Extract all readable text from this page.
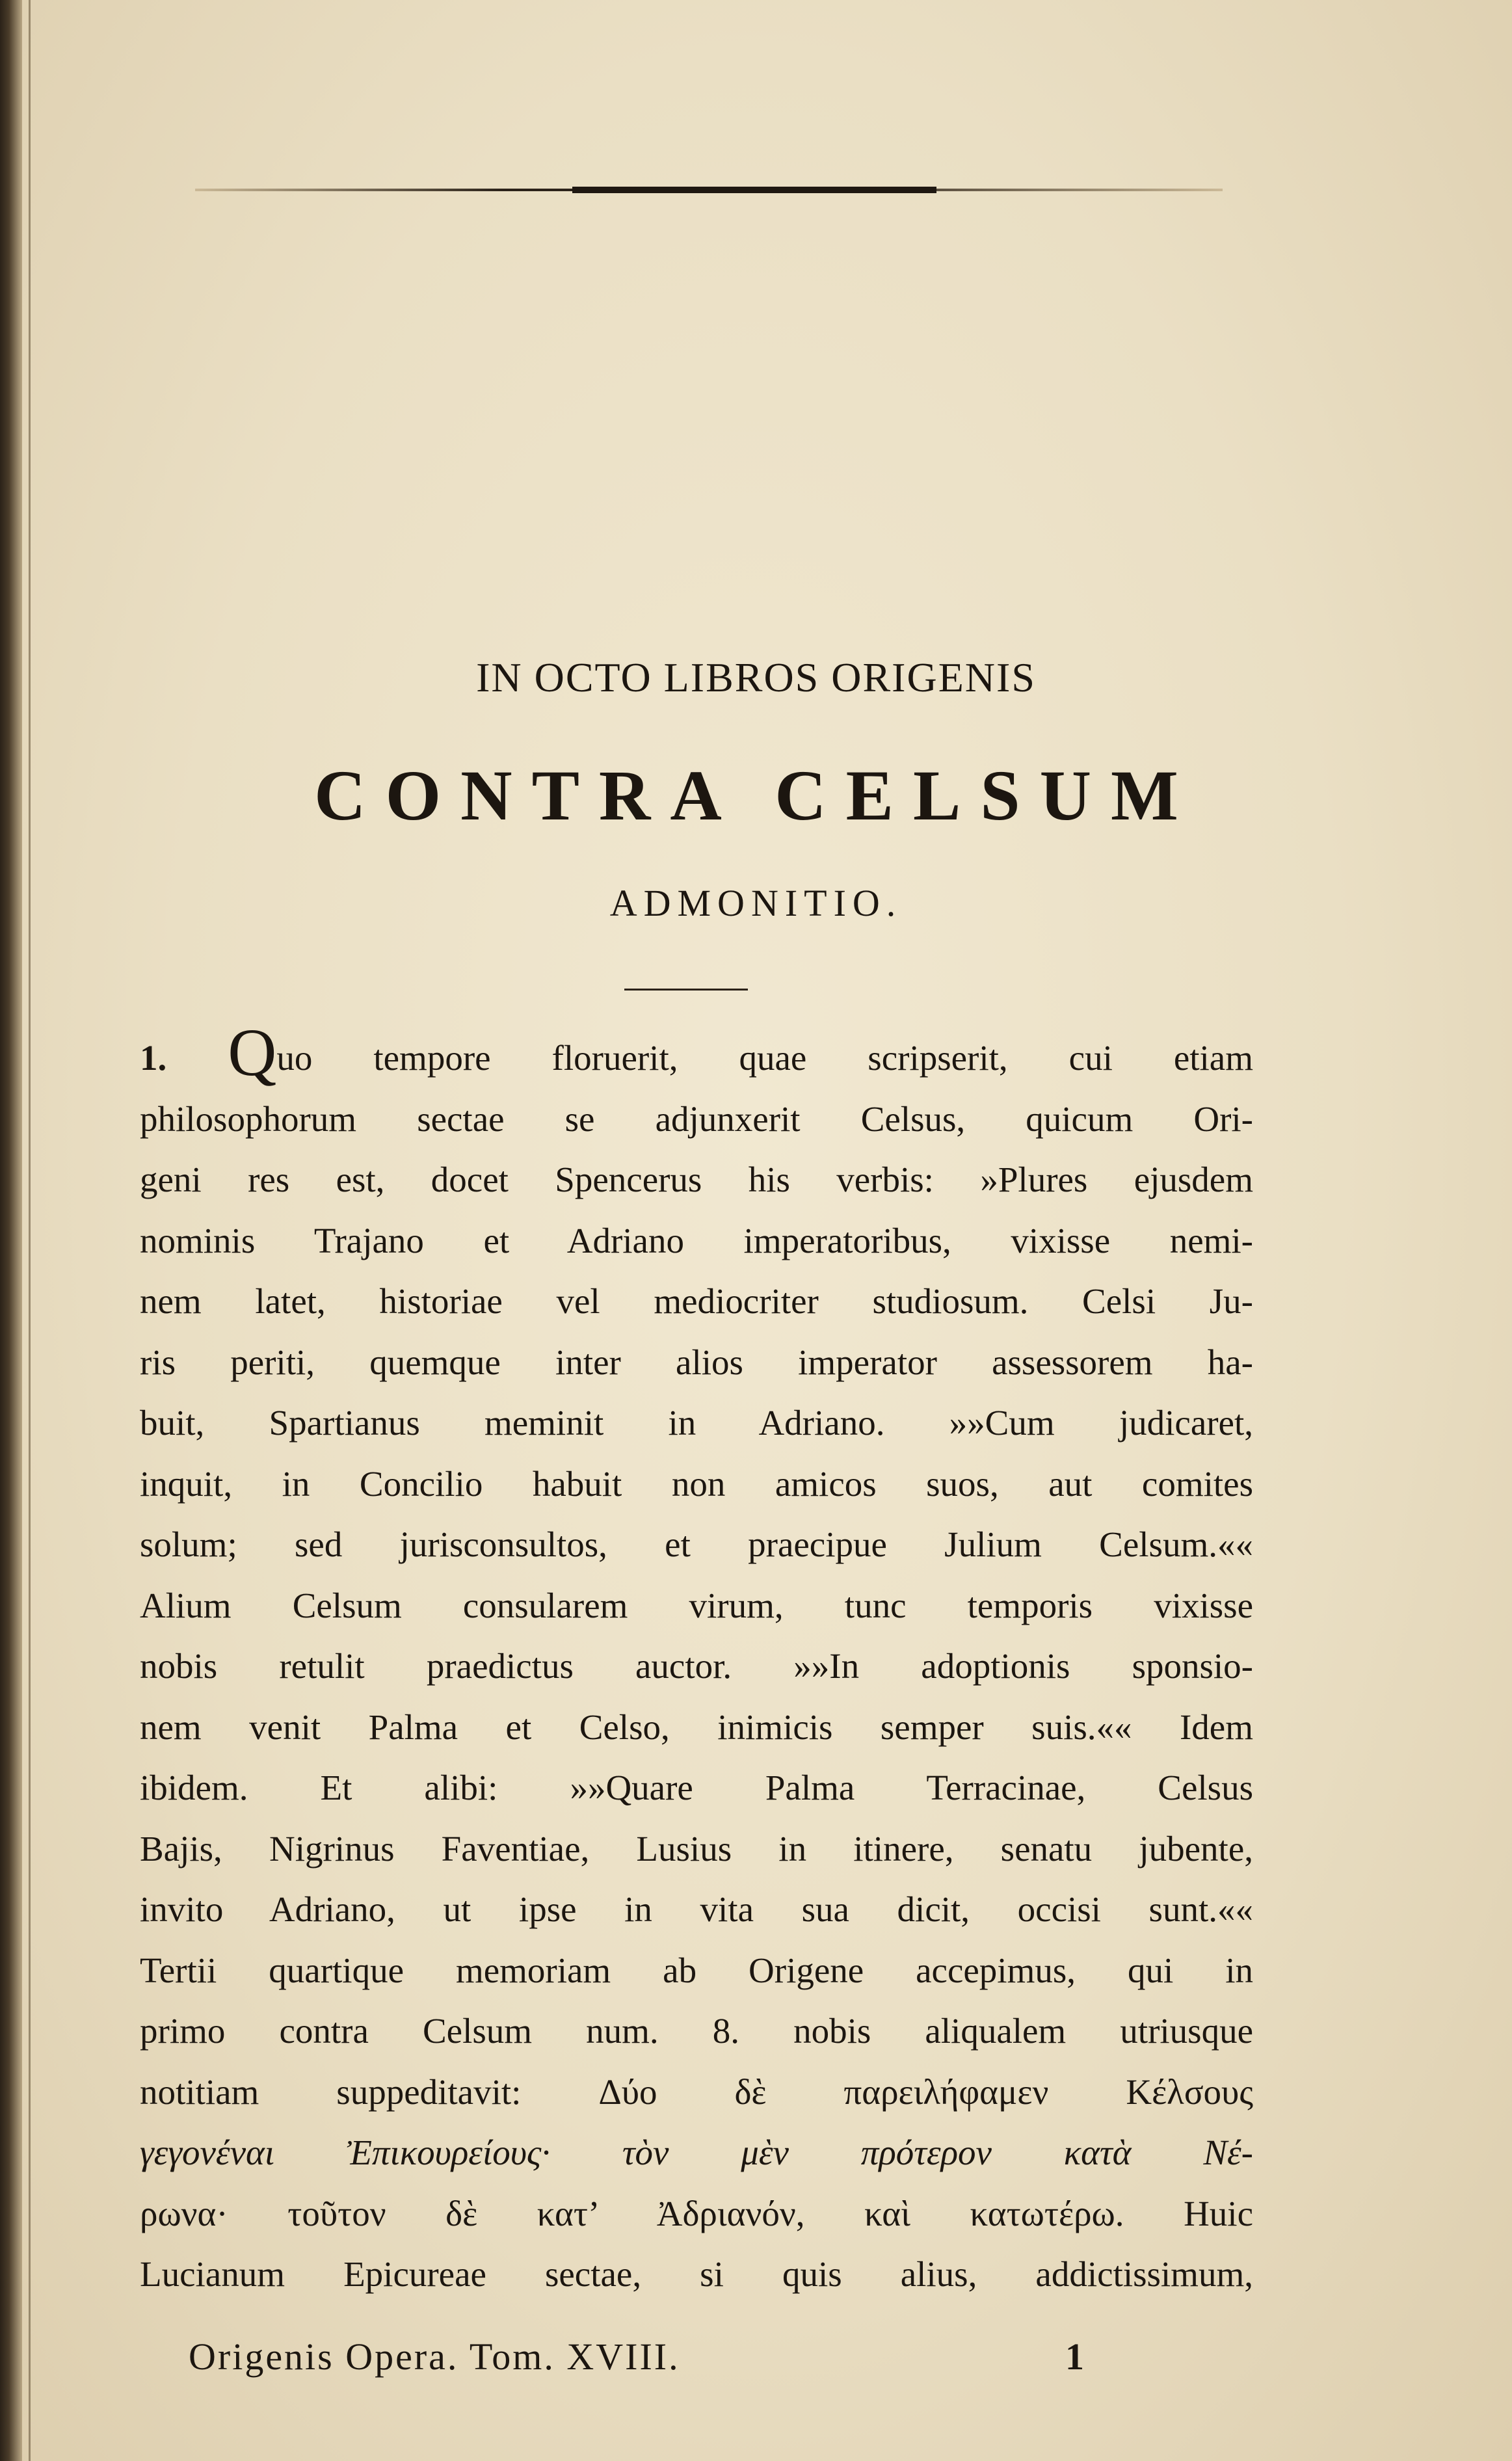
IN OCTO LIBROS ORIGENIS
CONTRA CELSUM
ADMONITIO.
1. Quo tempore floruerit, quae scripserit, cui etiam
philosophorum sectae se adjunxerit Celsus, quicum Ori-
geni res est, docet Spencerus his verbis: »Plures ejusdem
nominis Trajano et Adriano imperatoribus, vixisse nemi-
nem latet, historiae vel mediocriter studiosum. Celsi Ju-
ris periti, quemque inter alios imperator assessorem ha-
buit, Spartianus meminit in Adriano. »»Cum judicaret,
inquit, in Concilio habuit non amicos suos, aut comites
solum; sed jurisconsultos, et praecipue Julium Celsum.««
Alium Celsum consularem virum, tunc temporis vixisse
nobis retulit praedictus auctor. »»In adoptionis sponsio-
nem venit Palma et Celso, inimicis semper suis.«« Idem
ibidem. Et alibi: »»Quare Palma Terracinae, Celsus
Bajis, Nigrinus Faventiae, Lusius in itinere, senatu jubente,
invito Adriano, ut ipse in vita sua dicit, occisi sunt.««
Tertii quartique memoriam ab Origene accepimus, qui in
primo contra Celsum num. 8. nobis aliqualem utriusque
notitiam suppeditavit: Δύο δὲ παρειλήφαμεν Κέλσους
γεγονέναι Ἐπικουρείους· τὸν μὲν πρότερον κατὰ Νέ-
ρωνα· τοῦτον δὲ κατ’ Ἀδριανόν, καὶ κατωτέρω. Huic
Lucianum Epicureae sectae, si quis alius, addictissimum,
Origenis Opera. Tom. XVIII.	1
